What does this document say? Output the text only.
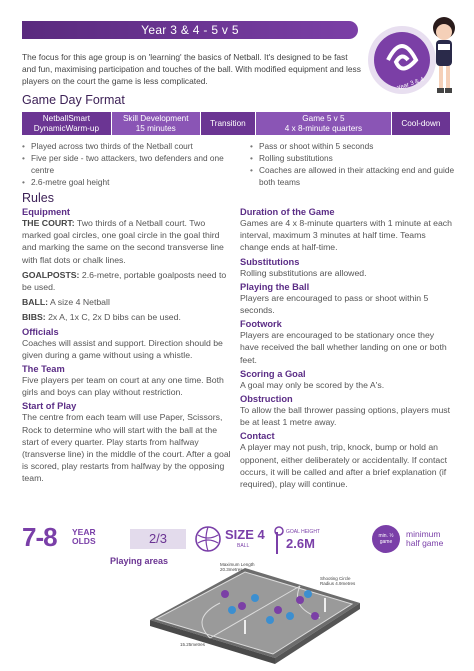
Year 3 & 4 - 5 v 5
Year 3 & 4
The focus for this age group is on 'learning' the basics of Netball. It's designed to be fast and fun, maximising participation and touches of the ball. With modified equipment and less players on the court the game is less complicated.
Game Day Format
NetballSmart
DynamicWarm-up
Skill Development
15 minutes
Transition
Game 5 v 5
4 x 8-minute quarters
Cool-down
• Played across two thirds of the Netball court
• Five per side - two attackers, two defenders and one centre
• 2.6-metre goal height
• Pass or shoot within 5 seconds
• Rolling substitutions
• Coaches are allowed in their attacking end and guide both teams
Rules
Equipment
THE COURT: Two thirds of a Netball court. Two marked goal circles, one goal circle in the goal third and marking the same on the second transverse line with flat dots or chalk lines.
GOALPOSTS: 2.6-metre, portable goalposts need to be used.
BALL: A size 4 Netball
BIBS: 2x A, 1x C, 2x D bibs can be used.
Officials
Coaches will assist and support. Direction should be given during a game without using a whistle.
The Team
Five players per team on court at any one time. Both girls and boys can play without restriction.
Start of Play
The centre from each team will use Paper, Scissors, Rock to determine who will start with the ball at the start of every quarter. Play starts from halfway (transverse line) in the middle of the court. After a goal is scored, play restarts from halfway by the opposing team.
Duration of the Game
Games are 4 x 8-minute quarters with 1 minute at each interval, maximum 3 minutes at half time. Teams change ends at half-time.
Substitutions
Rolling substitutions are allowed.
Playing the Ball
Players are encouraged to pass or shoot within 5 seconds.
Footwork
Players are encouraged to be stationary once they have received the ball whether landing on one or both feet.
Scoring a Goal
A goal may only be scored by the A's.
Obstruction
To allow the ball thrower passing options, players must be at least 1 metre away.
Contact
A player may not push, trip, knock, bump or hold an opponent, either deliberately or accidentally. If contact occurs, it will be called and after a brief explanation (if required), play will continue.
7-8 YEAR
OLDS	2/3	SIZE 4
BALL
GOAL HEIGHT
2.6M	min. ½ game
minimum
half game
Playing areas	Maximum Length
20.3metres
Shooting Circle
Radius 4.9metres
15.25metres
